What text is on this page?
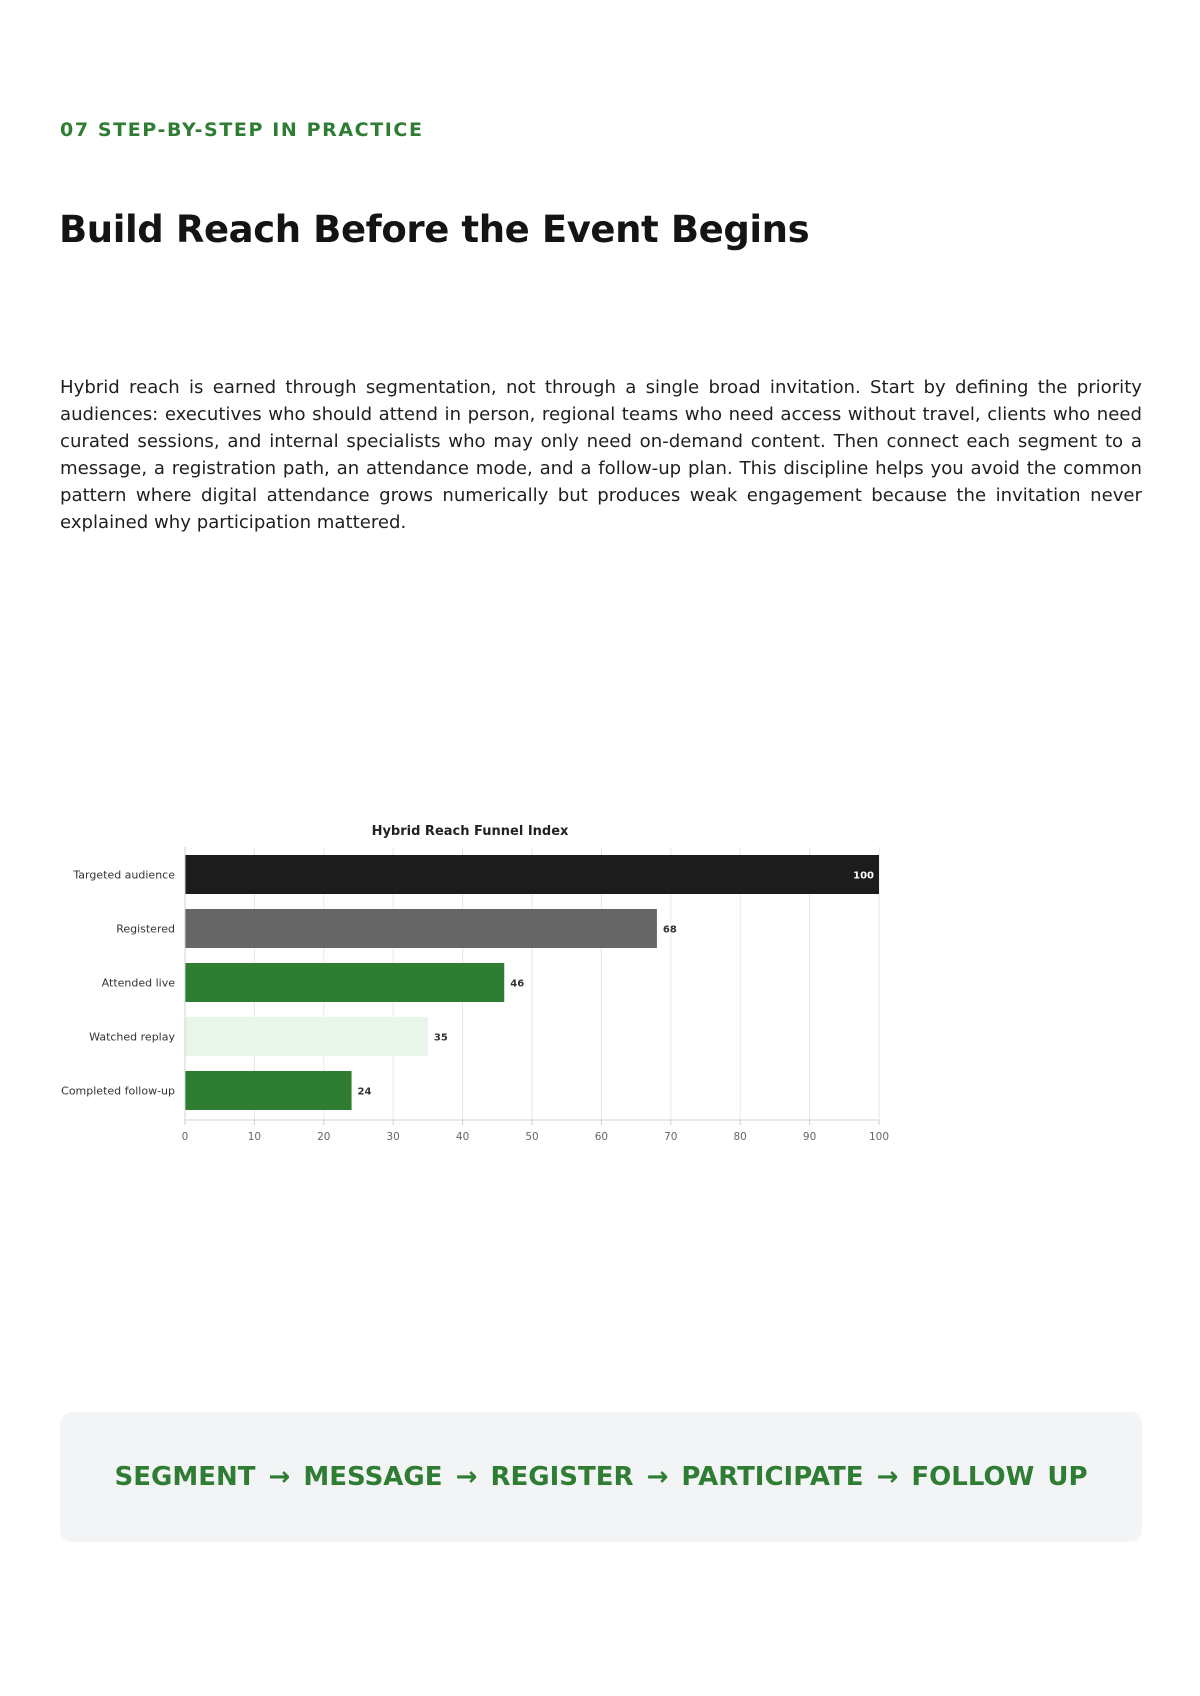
07 STEP-BY-STEP IN PRACTICE
Build Reach Before the Event Begins

Hybrid reach is earned through segmentation, not through a single broad invitation. Start by defining the priority audiences: executives who should attend in person, regional teams who need access without travel, clients who need curated sessions, and internal specialists who may only need on-demand content. Then connect each segment to a message, a registration path, an attendance mode, and a follow-up plan. This discipline helps you avoid the common pattern where digital attendance grows numerically but produces weak engagement because the invitation never explained why participation mattered.

Hybrid Reach Funnel Index
Targeted audience	100
Registered	68
Attended live	46
Watched replay	35
Completed follow-up	24
0	10	20	30	40	50	60	70	80	90	100
SEGMENT → MESSAGE → REGISTER → PARTICIPATE → FOLLOW UP
